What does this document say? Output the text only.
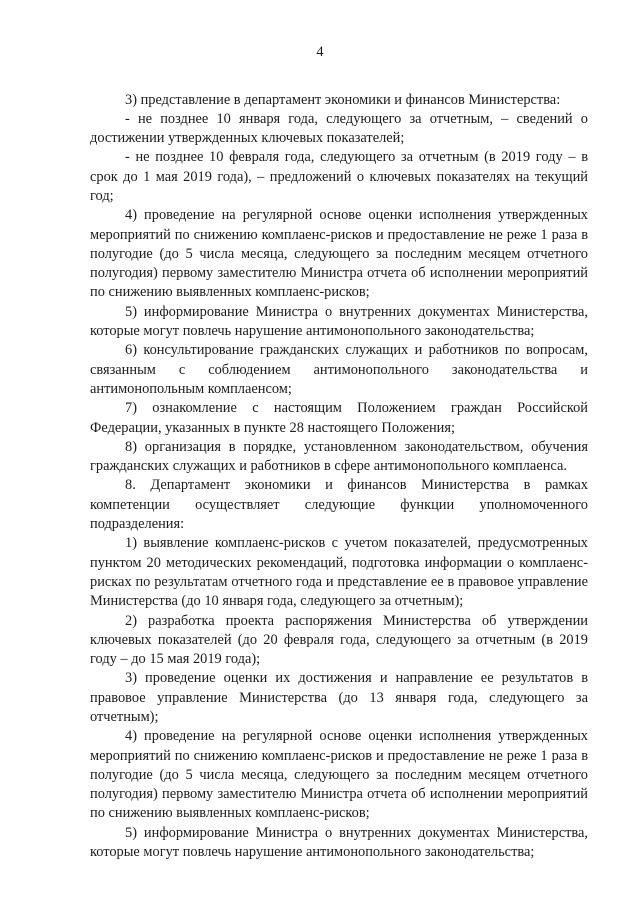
4

3) представление в департамент экономики и финансов Министерства:

- не позднее 10 января года, следующего за отчетным, – сведений о достижении утвержденных ключевых показателей;

- не позднее 10 февраля года, следующего за отчетным (в 2019 году – в срок до 1 мая 2019 года), – предложений о ключевых показателях на текущий год;

4) проведение на регулярной основе оценки исполнения утвержденных мероприятий по снижению комплаенс-рисков и предоставление не реже 1 раза в полугодие (до 5 числа месяца, следующего за последним месяцем отчетного полугодия) первому заместителю Министра отчета об исполнении мероприятий по снижению выявленных комплаенс-рисков;

5) информирование Министра о внутренних документах Министерства, которые могут повлечь нарушение антимонопольного законодательства;

6) консультирование гражданских служащих и работников по вопросам, связанным с соблюдением антимонопольного законодательства и антимонопольным комплаенсом;

7) ознакомление с настоящим Положением граждан Российской Федерации, указанных в пункте 28 настоящего Положения;

8) организация в порядке, установленном законодательством, обучения гражданских служащих и работников в сфере антимонопольного комплаенса.

8. Департамент экономики и финансов Министерства в рамках компетенции осуществляет следующие функции уполномоченного подразделения:

1) выявление комплаенс-рисков с учетом показателей, предусмотренных пунктом 20 методических рекомендаций, подготовка информации о комплаенс-рисках по результатам отчетного года и представление ее в правовое управление Министерства (до 10 января года, следующего за отчетным);

2) разработка проекта распоряжения Министерства об утверждении ключевых показателей (до 20 февраля года, следующего за отчетным (в 2019 году – до 15 мая 2019 года);

3) проведение оценки их достижения и направление ее результатов в правовое управление Министерства (до 13 января года, следующего за отчетным);

4) проведение на регулярной основе оценки исполнения утвержденных мероприятий по снижению комплаенс-рисков и предоставление не реже 1 раза в полугодие (до 5 числа месяца, следующего за последним месяцем отчетного полугодия) первому заместителю Министра отчета об исполнении мероприятий по снижению выявленных комплаенс-рисков;

5) информирование Министра о внутренних документах Министерства, которые могут повлечь нарушение антимонопольного законодательства;
